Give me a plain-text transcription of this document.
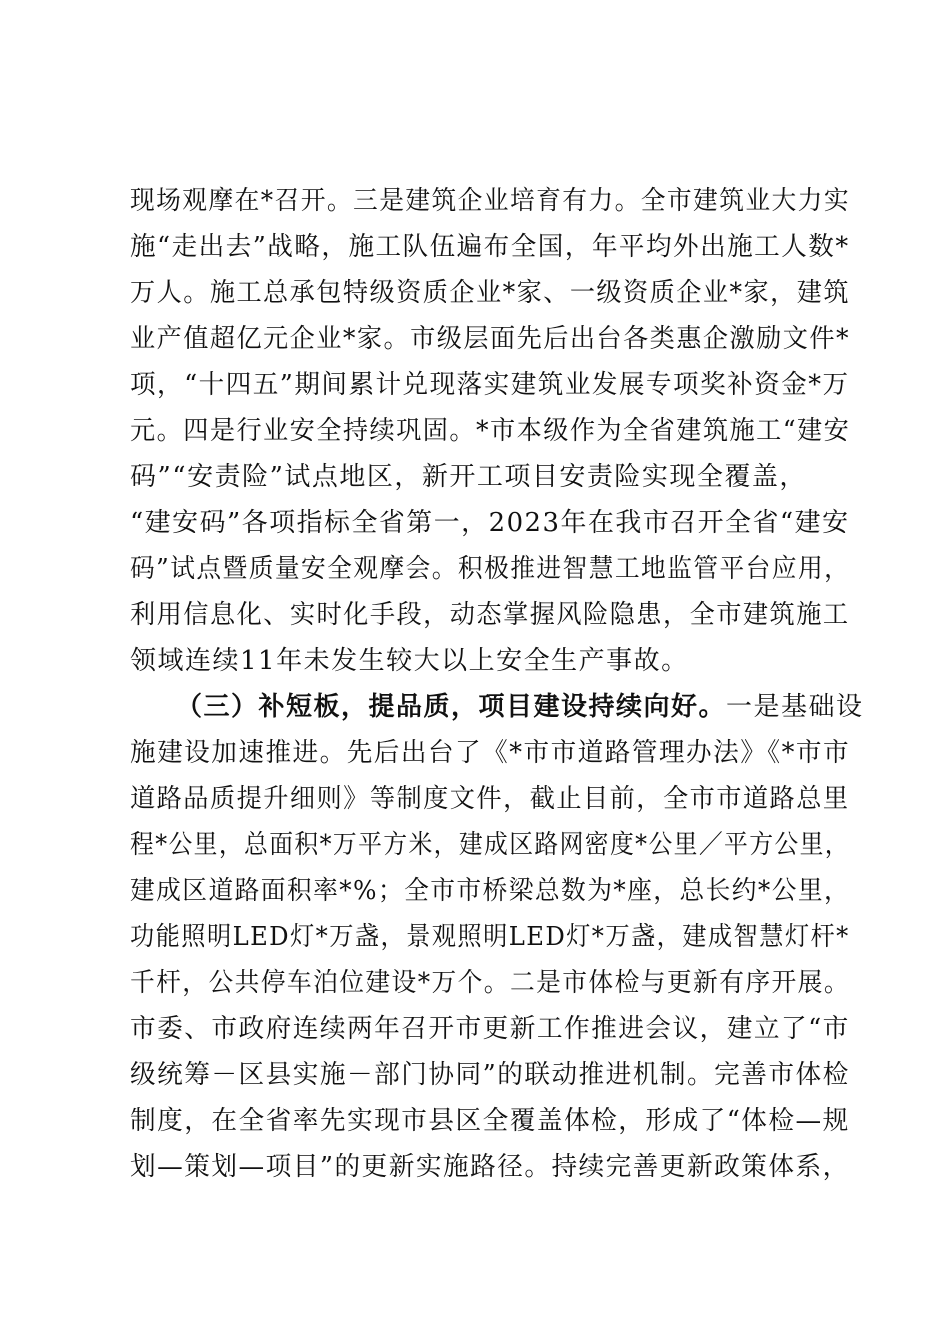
现场观摩在*召开。三是建筑企业培育有力。全市建筑业大力实
施“走出去”战略，施工队伍遍布全国，年平均外出施工人数*
万人。施工总承包特级资质企业*家、一级资质企业*家，建筑
业产值超亿元企业*家。市级层面先后出台各类惠企激励文件*
项，“十四五”期间累计兑现落实建筑业发展专项奖补资金*万
元。四是行业安全持续巩固。*市本级作为全省建筑施工“建安
码”“安责险”试点地区，新开工项目安责险实现全覆盖，
“建安码”各项指标全省第一，2023年在我市召开全省“建安
码”试点暨质量安全观摩会。积极推进智慧工地监管平台应用，
利用信息化、实时化手段，动态掌握风险隐患，全市建筑施工
领域连续11年未发生较大以上安全生产事故。
（三）补短板，提品质，项目建设持续向好。一是基础设
施建设加速推进。先后出台了《*市市道路管理办法》《*市市
道路品质提升细则》等制度文件，截止目前，全市市道路总里
程*公里，总面积*万平方米，建成区路网密度*公里／平方公里，
建成区道路面积率*%；全市市桥梁总数为*座，总长约*公里，
功能照明LED灯*万盏，景观照明LED灯*万盏，建成智慧灯杆*
千杆，公共停车泊位建设*万个。二是市体检与更新有序开展。
市委、市政府连续两年召开市更新工作推进会议，建立了“市
级统筹－区县实施－部门协同”的联动推进机制。完善市体检
制度，在全省率先实现市县区全覆盖体检，形成了“体检—规
划—策划—项目”的更新实施路径。持续完善更新政策体系，
